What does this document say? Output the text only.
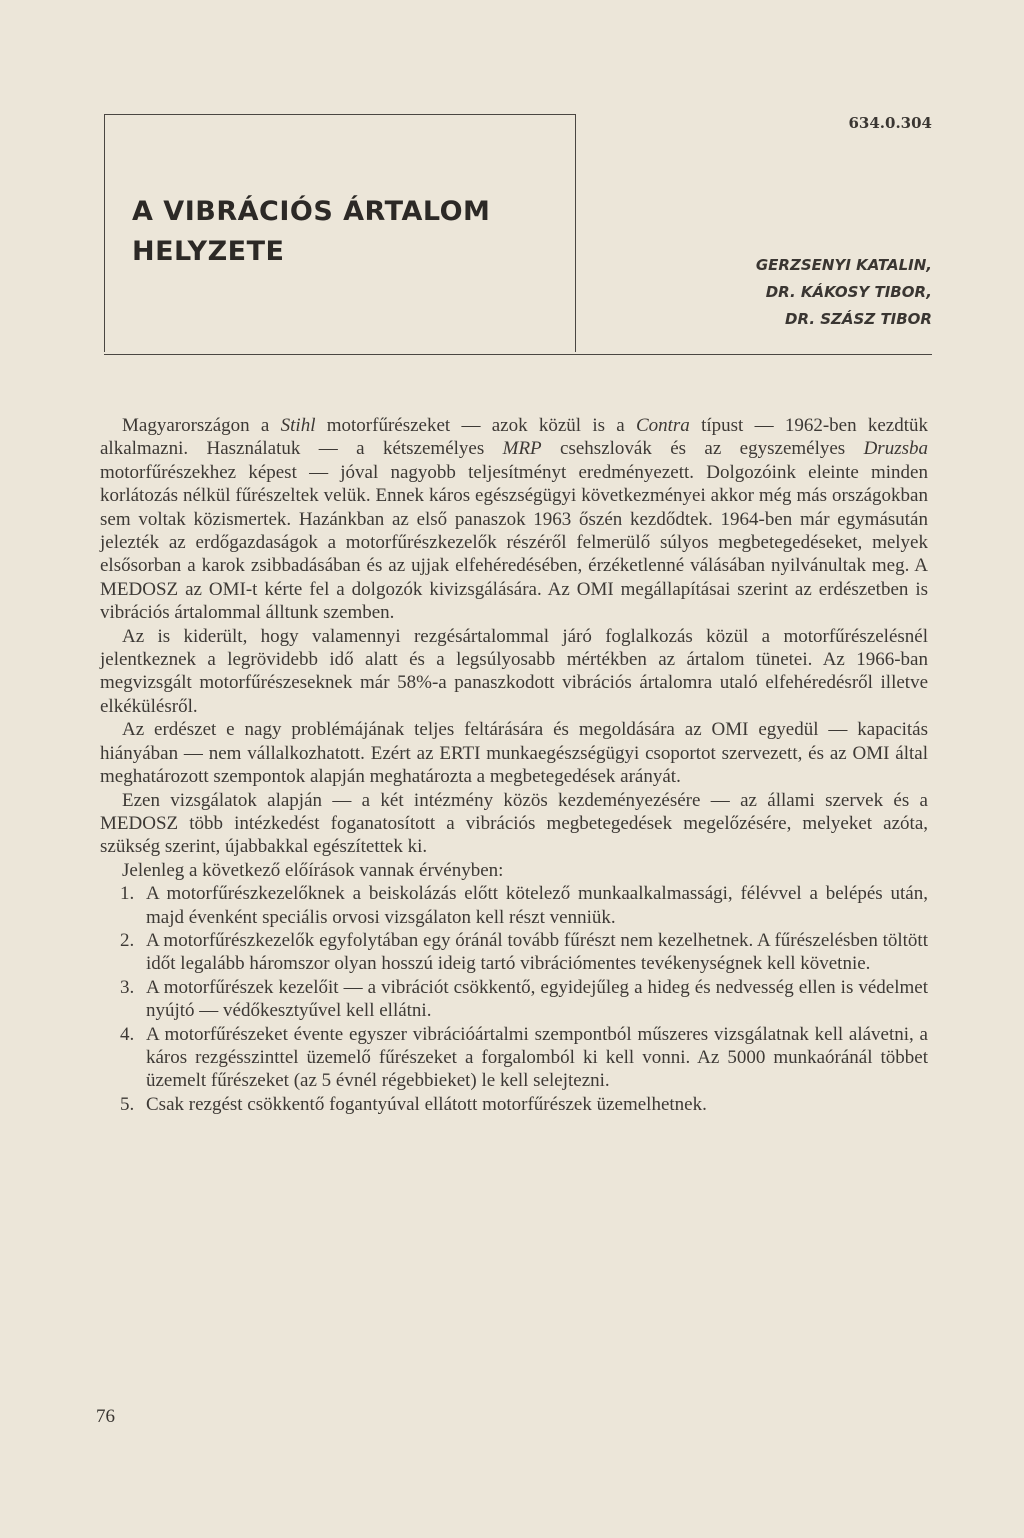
A VIBRÁCIÓS ÁRTALOM
HELYZETE
634.0.304
GERZSENYI KATALIN,
DR. KÁKOSY TIBOR,
DR. SZÁSZ TIBOR

Magyarországon a Stihl motorfűrészeket — azok közül is a Contra típust — 1962-ben kezdtük alkalmazni. Használatuk — a kétszemélyes MRP csehszlovák és az egyszemélyes Druzsba motorfűrészekhez képest — jóval nagyobb teljesítményt eredményezett. Dolgozóink eleinte minden korlátozás nélkül fűrészeltek velük. Ennek káros egészségügyi következményei akkor még más országokban sem voltak közismertek. Hazánkban az első panaszok 1963 őszén kezdődtek. 1964-ben már egymásután jelezték az erdőgazdaságok a motorfűrészkezelők részéről felmerülő súlyos megbetegedéseket, melyek elsősorban a karok zsibbadásában és az ujjak elfehéredésében, érzéketlenné válásában nyilvánultak meg. A MEDOSZ az OMI-t kérte fel a dolgozók kivizsgálására. Az OMI megállapításai szerint az erdészetben is vibrációs ártalommal álltunk szemben.

Az is kiderült, hogy valamennyi rezgésártalommal járó foglalkozás közül a motorfűrészelésnél jelentkeznek a legrövidebb idő alatt és a legsúlyosabb mértékben az ártalom tünetei. Az 1966-ban megvizsgált motorfűrészeseknek már 58%-a panaszkodott vibrációs ártalomra utaló elfehéredésről illetve elkékülésről.

Az erdészet e nagy problémájának teljes feltárására és megoldására az OMI egyedül — kapacitás hiányában — nem vállalkozhatott. Ezért az ERTI munkaegészségügyi csoportot szervezett, és az OMI által meghatározott szempontok alapján meghatározta a megbetegedések arányát.

Ezen vizsgálatok alapján — a két intézmény közös kezdeményezésére — az állami szervek és a MEDOSZ több intézkedést foganatosított a vibrációs megbetegedések megelőzésére, melyeket azóta, szükség szerint, újabbakkal egészítettek ki.

Jelenleg a következő előírások vannak érvényben:

1. A motorfűrészkezelőknek a beiskolázás előtt kötelező munkaalkalmassági, félévvel a belépés után, majd évenként speciális orvosi vizsgálaton kell részt venniük.
2. A motorfűrészkezelők egyfolytában egy óránál tovább fűrészt nem kezelhetnek. A fűrészelésben töltött időt legalább háromszor olyan hosszú ideig tartó vibrációmentes tevékenységnek kell követnie.
3. A motorfűrészek kezelőit — a vibrációt csökkentő, egyidejűleg a hideg és nedvesség ellen is védelmet nyújtó — védőkesztyűvel kell ellátni.
4. A motorfűrészeket évente egyszer vibrációártalmi szempontból műszeres vizsgálatnak kell alávetni, a káros rezgésszinttel üzemelő fűrészeket a forgalomból ki kell vonni. Az 5000 munkaóránál többet üzemelt fűrészeket (az 5 évnél régebbieket) le kell selejtezni.
5. Csak rezgést csökkentő fogantyúval ellátott motorfűrészek üzemelhetnek.
76
